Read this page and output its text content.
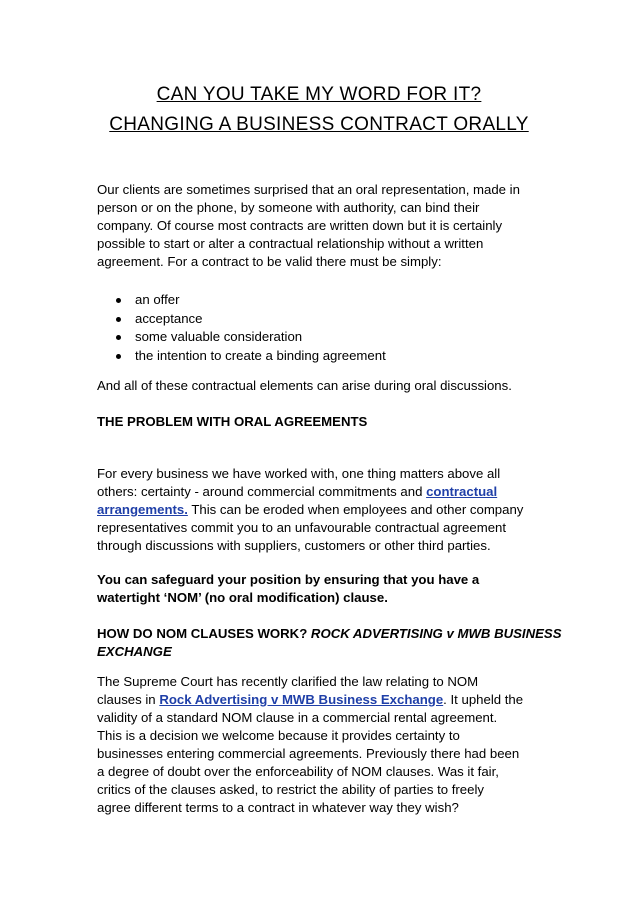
CAN YOU TAKE MY WORD FOR IT?
CHANGING A BUSINESS CONTRACT ORALLY
Our clients are sometimes surprised that an oral representation, made in
person or on the phone, by someone with authority, can bind their
company. Of course most contracts are written down but it is certainly
possible to start or alter a contractual relationship without a written
agreement. For a contract to be valid there must be simply:
an offer
acceptance
some valuable consideration
the intention to create a binding agreement
And all of these contractual elements can arise during oral discussions.
THE PROBLEM WITH ORAL AGREEMENTS
For every business we have worked with, one thing matters above all
others: certainty - around commercial commitments and contractual
arrangements. This can be eroded when employees and other company
representatives commit you to an unfavourable contractual agreement
through discussions with suppliers, customers or other third parties.
You can safeguard your position by ensuring that you have a
watertight ‘NOM’ (no oral modification) clause.
HOW DO NOM CLAUSES WORK? ROCK ADVERTISING v MWB BUSINESS
EXCHANGE
The Supreme Court has recently clarified the law relating to NOM
clauses in Rock Advertising v MWB Business Exchange. It upheld the
validity of a standard NOM clause in a commercial rental agreement.
This is a decision we welcome because it provides certainty to
businesses entering commercial agreements. Previously there had been
a degree of doubt over the enforceability of NOM clauses. Was it fair,
critics of the clauses asked, to restrict the ability of parties to freely
agree different terms to a contract in whatever way they wish?
